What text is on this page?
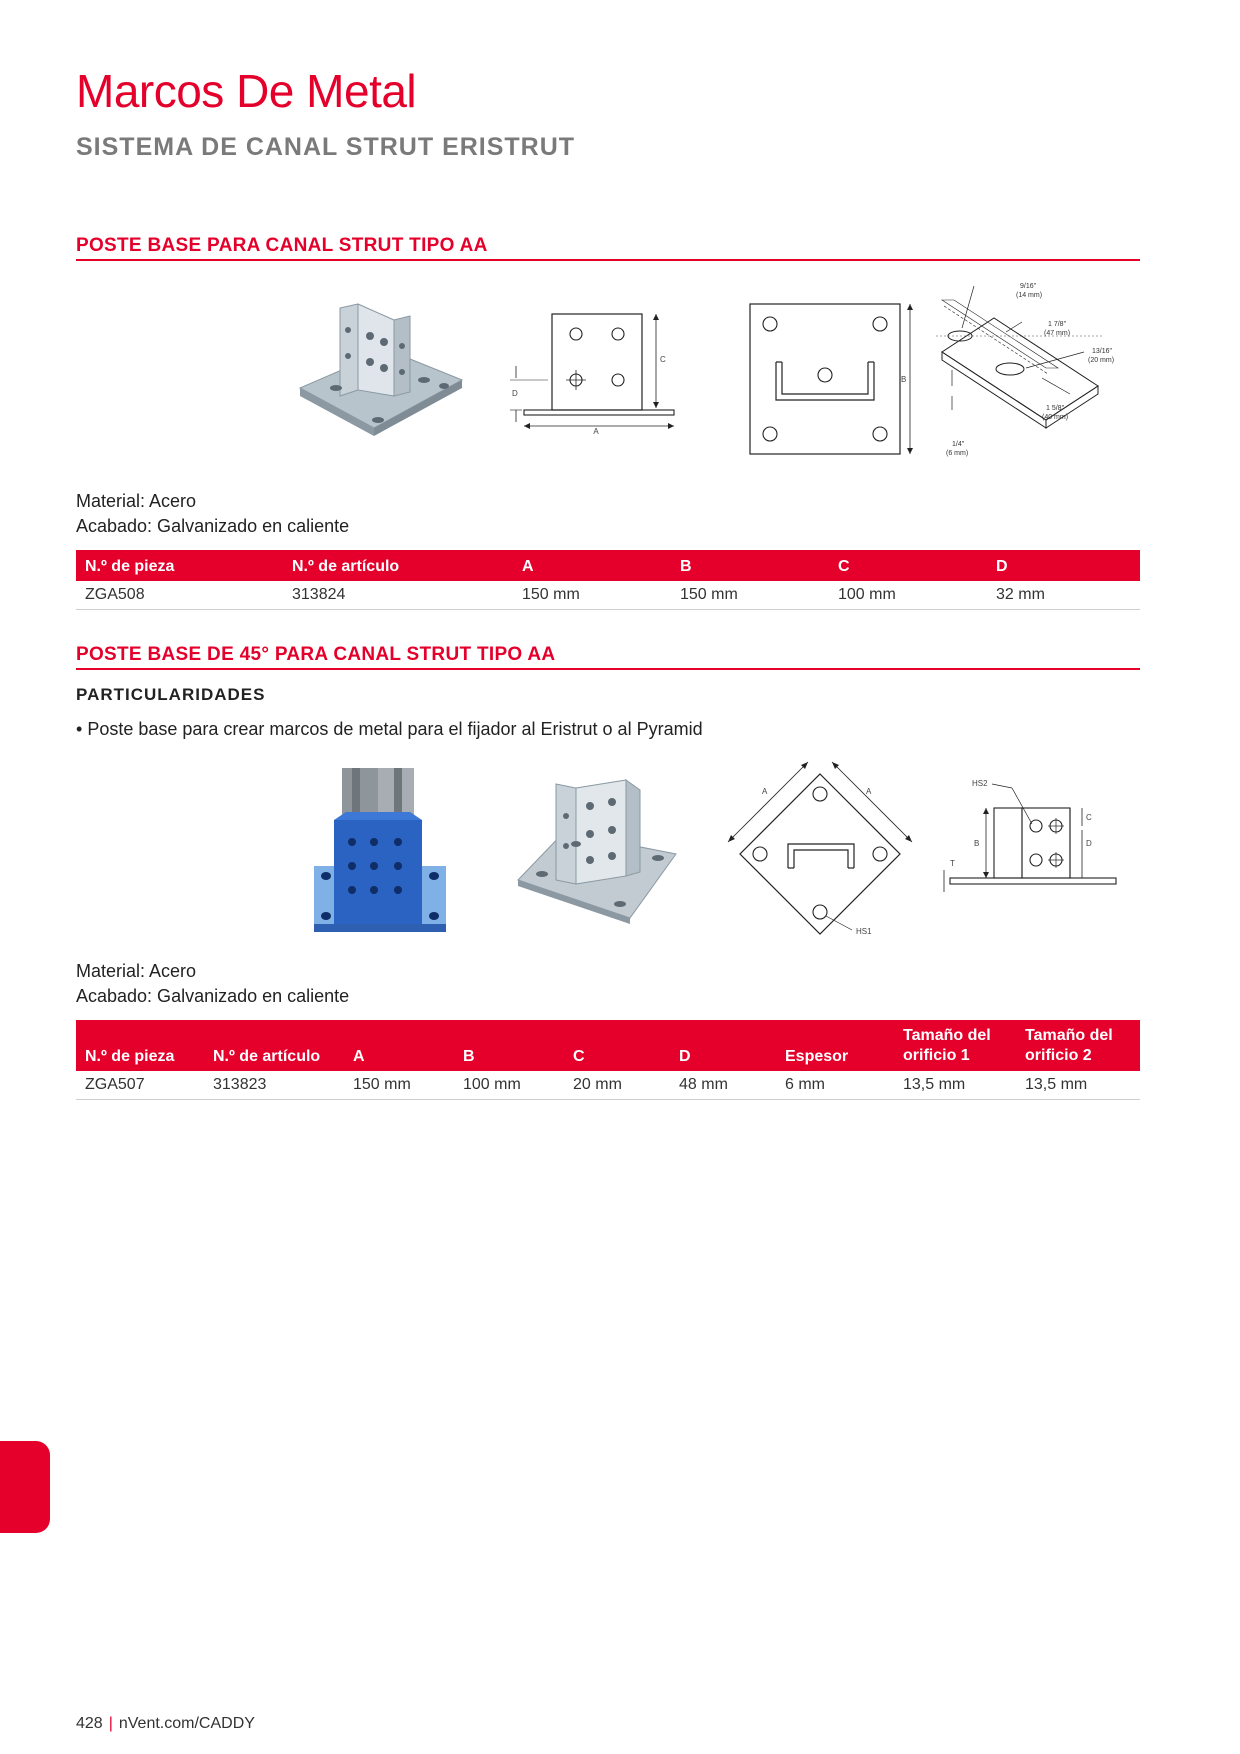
Marcos De Metal
SISTEMA DE CANAL STRUT ERISTRUT
POSTE BASE PARA CANAL STRUT TIPO AA
A
C
D
B
9/16"
(14 mm)
1 7/8"
(47 mm)
13/16"
(20 mm)
1 5/8"
(40 mm)
1/4"
(6 mm)
Material: Acero
Acabado: Galvanizado en caliente
N.º de pieza	N.º de artículo	A	B	C	D
ZGA508	313824	150 mm	150 mm	100 mm	32 mm
POSTE BASE DE 45° PARA CANAL STRUT TIPO AA
PARTICULARIDADES
• Poste base para crear marcos de metal para el fijador al Eristrut o al Pyramid
A	A
HS1
HS2
B
C
D
T
Material: Acero
Acabado: Galvanizado en caliente
N.º de pieza	N.º de artículo	A	B	C	D	Espesor	Tamaño del orificio 1	Tamaño del orificio 2
ZGA507	313823	150 mm	100 mm	20 mm	48 mm	6 mm	13,5 mm	13,5 mm
428 | nVent.com/CADDY
